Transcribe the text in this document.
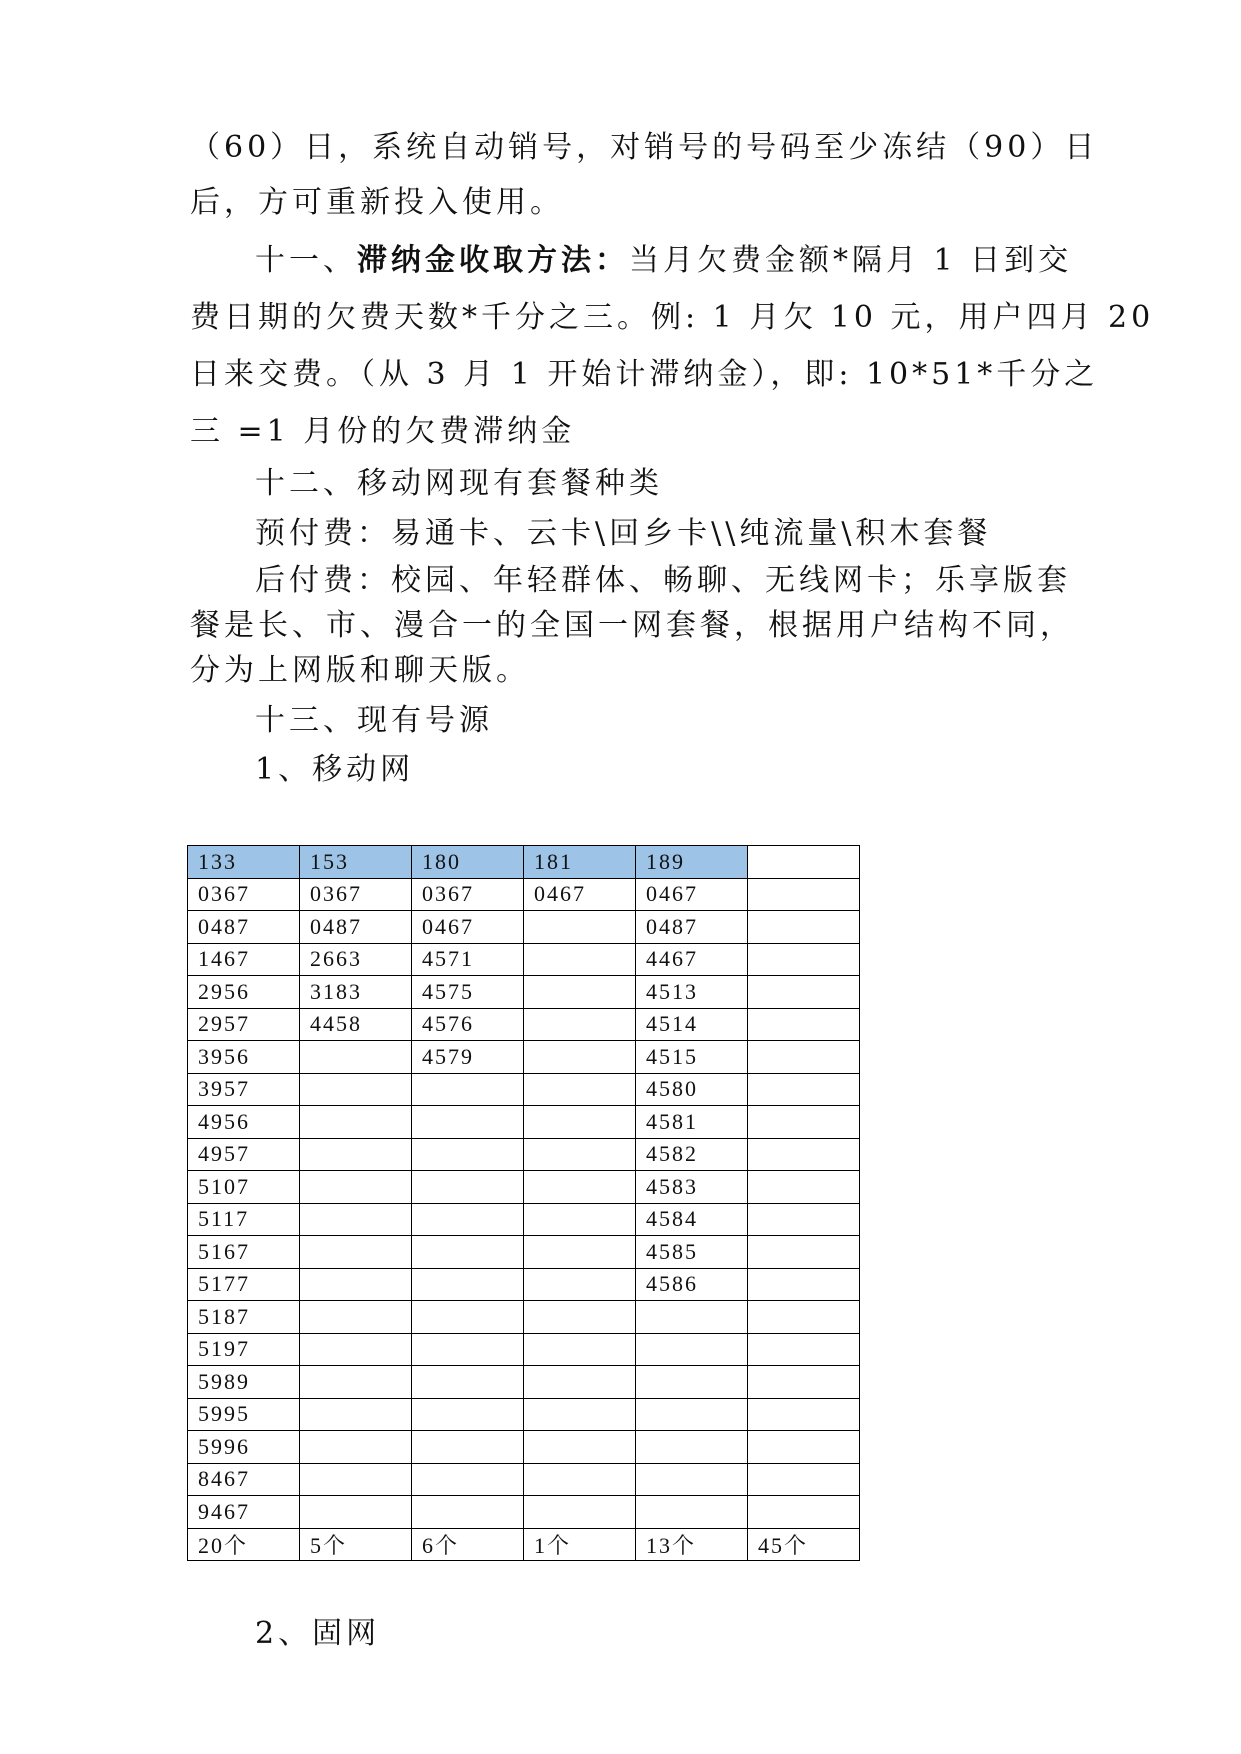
（60）日，系统自动销号，对销号的号码至少冻结（90）日
后，方可重新投入使用。
十一、滞纳金收取方法：当月欠费金额*隔月 1 日到交
费日期的欠费天数*千分之三。例: 1 月欠 10 元，用户四月 20
日来交费。（从 3 月 1 开始计滞纳金），即: 10*51*千分之
三 =1 月份的欠费滞纳金
十二、移动网现有套餐种类
预付费：易通卡、云卡\回乡卡\\纯流量\积木套餐
后付费：校园、年轻群体、畅聊、无线网卡；乐享版套
餐是长、市、漫合一的全国一网套餐，根据用户结构不同，
分为上网版和聊天版。
十三、现有号源
1、移动网
133	153	180	181	189	
0367	0367	0367	0467	0467	
0487	0487	0467		0487	
1467	2663	4571		4467	
2956	3183	4575		4513	
2957	4458	4576		4514	
3956		4579		4515	
3957				4580	
4956				4581	
4957				4582	
5107				4583	
5117				4584	
5167				4585	
5177				4586	
5187					
5197					
5989					
5995					
5996					
8467					
9467					
20个	5个	6个	1个	13个	45个
2、固网
